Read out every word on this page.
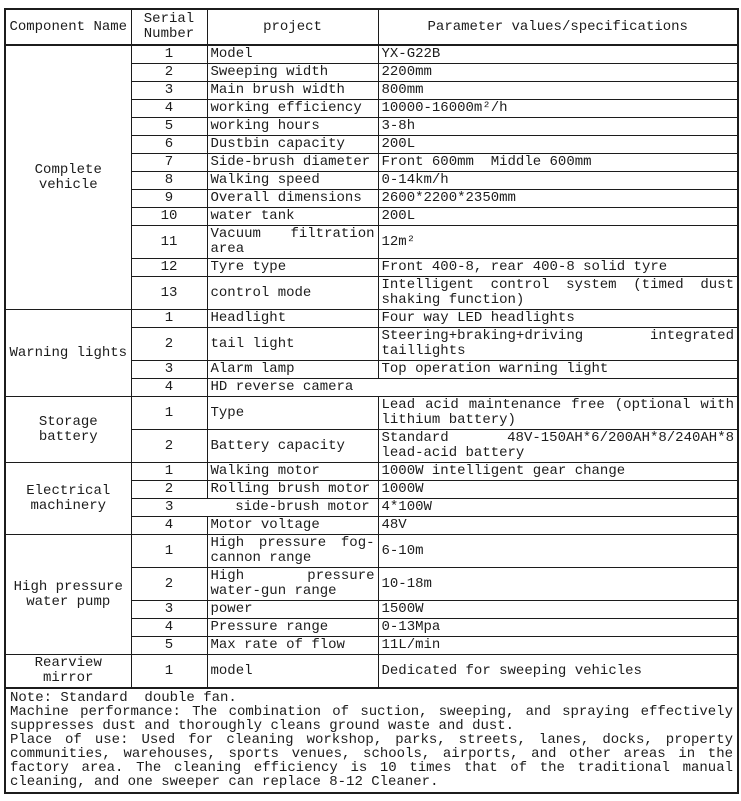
Component Name	Serial Number	project	Parameter values/specifications
Complete vehicle	1	Model	YX-G22B
	2	Sweeping width	2200mm
	3	Main brush width	800mm
	4	working efficiency	10000-16000m²/h
	5	working hours	3-8h
	6	Dustbin capacity	200L
	7	Side-brush diameter	Front 600mm  Middle 600mm
	8	Walking speed	0-14km/h
	9	Overall dimensions	2600*2200*2350mm
	10	water tank	200L
	11	Vacuum filtration area	12m²
	12	Tyre type	Front 400-8, rear 400-8 solid tyre
	13	control mode	Intelligent control system (timed dust shaking function)
Warning lights	1	Headlight	Four way LED headlights
	2	tail light	Steering+braking+driving integrated taillights
	3	Alarm lamp	Top operation warning light
	4	HD reverse camera	
Storage battery	1	Type	Lead acid maintenance free (optional with lithium battery)
	2	Battery capacity	Standard 48V-150AH*6/200AH*8/240AH*8 lead-acid battery
Electrical machinery	1	Walking motor	1000W intelligent gear change
	2	Rolling brush motor	1000W
	3	side-brush motor	4*100W
	4	Motor voltage	48V
High pressure water pump	1	High pressure fog-cannon range	6-10m
	2	High pressure water-gun range	10-18m
	3	power	1500W
	4	Pressure range	0-13Mpa
	5	Max rate of flow	11L/min
Rearview mirror	1	model	Dedicated for sweeping vehicles

Note: Standard  double fan.
Machine performance: The combination of suction, sweeping, and spraying effectively suppresses dust and thoroughly cleans ground waste and dust.
Place of use: Used for cleaning workshop, parks, streets, lanes, docks, property communities, warehouses, sports venues, schools, airports, and other areas in the factory area. The cleaning efficiency is 10 times that of the traditional manual cleaning, and one sweeper can replace 8-12 Cleaner.			
